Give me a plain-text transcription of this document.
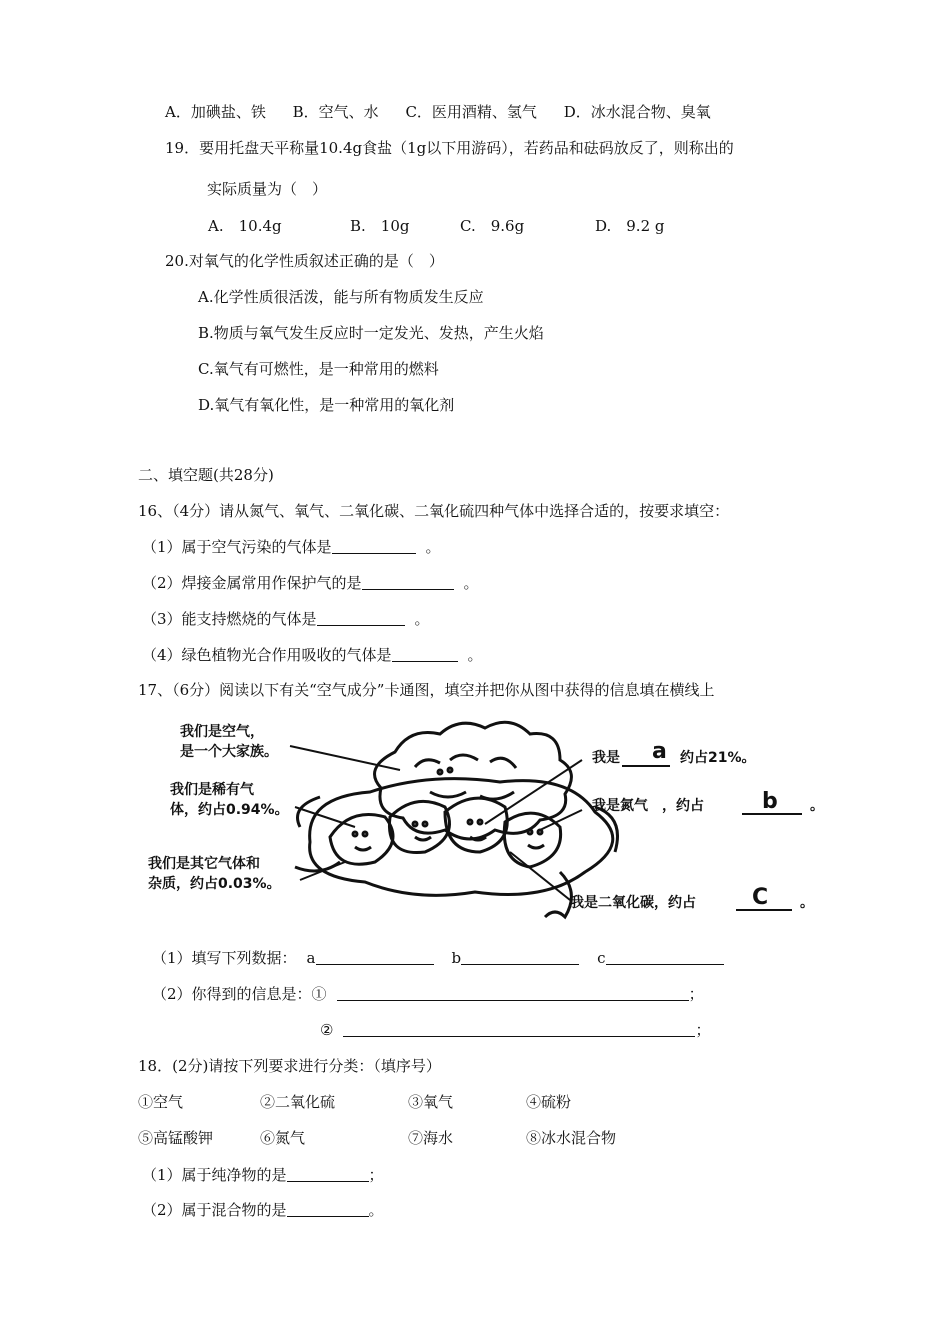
A．加碘盐、铁 B．空气、水 C．医用酒精、氢气 D．冰水混合物、臭氧
19．要用托盘天平称量10.4g食盐（1g以下用游码），若药品和砝码放反了，则称出的
实际质量为（　）
A.　10.4g	B.　10g	C.　9.6g	D.　9.2 g
20.对氧气的化学性质叙述正确的是（　）
A.化学性质很活泼，能与所有物质发生反应
B.物质与氧气发生反应时一定发光、发热，产生火焰
C.氧气有可燃性，是一种常用的燃料
D.氧气有氧化性，是一种常用的氧化剂
二、填空题(共28分)
16、（4分）请从氮气、氧气、二氧化碳、二氧化硫四种气体中选择合适的，按要求填空：
（1）属于空气污染的气体是	。
（2）焊接金属常用作保护气的是	。
（3）能支持燃烧的气体是	。
（4）绿色植物光合作用吸收的气体是	。
17、（6分）阅读以下有关“空气成分”卡通图，填空并把你从图中获得的信息填在横线上
我们是空气，
是一个大家族。
我们是稀有气
体，约占0.94%。
我们是其它气体和
杂质，约占0.03%。
我是 a 约占21%。
我是氮气　，约占	b 。
我是二氧化碳，约占	C 。
（1）填写下列数据： a	b	c
（2）你得到的信息是：①	；
②	；
18．(2分)请按下列要求进行分类：（填序号）
①空气	②二氧化硫	③氧气	④硫粉
⑤高锰酸钾	⑥氮气	⑦海水	⑧冰水混合物
（1）属于纯净物的是	；
（2）属于混合物的是	。
